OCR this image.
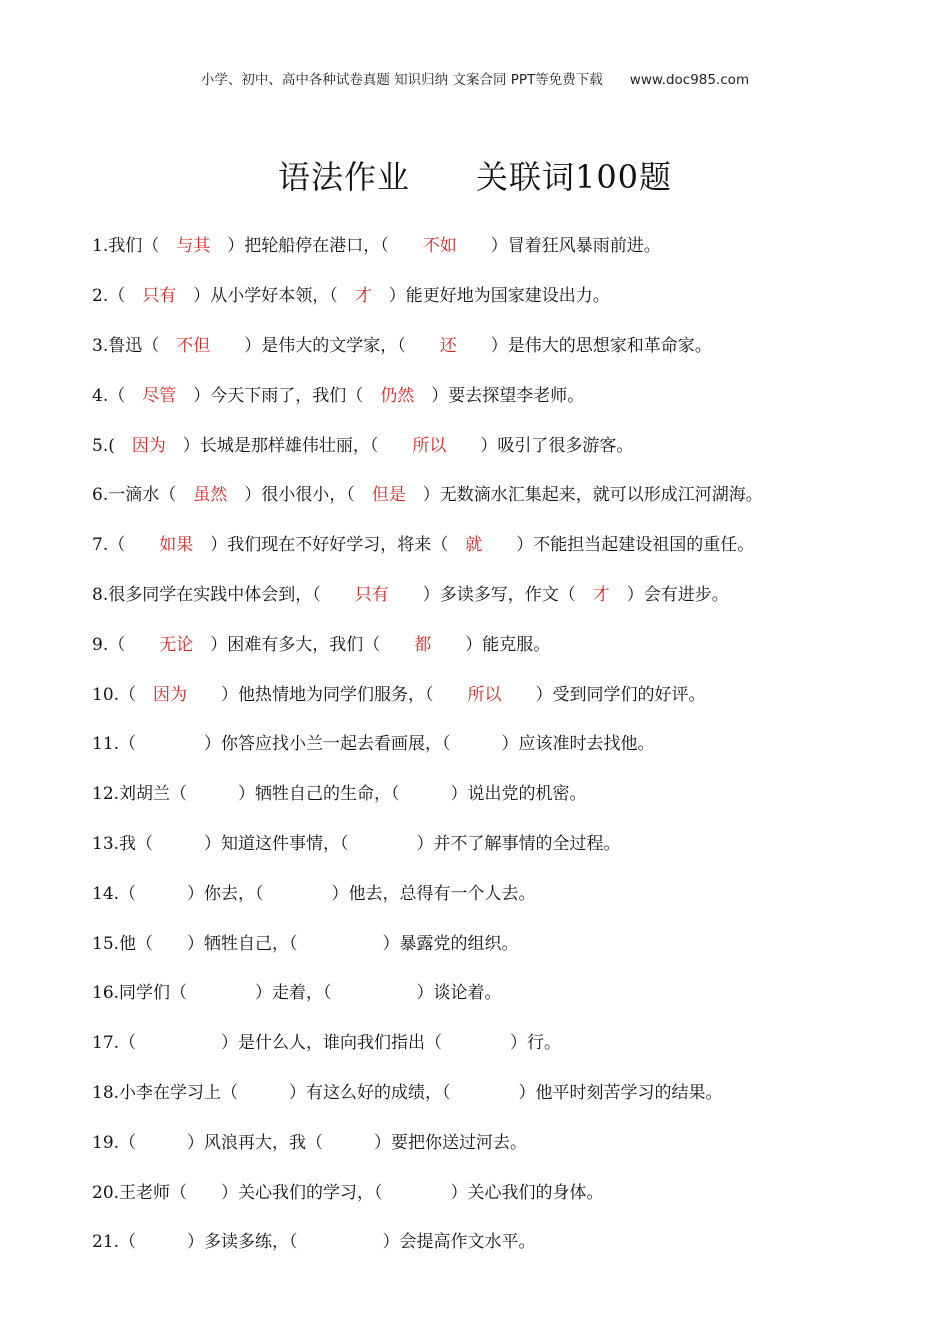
小学、初中、高中各种试卷真题 知识归纳 文案合同 PPT等免费下载　　www.doc985.com
语法作业　　关联词100题
1.我们（　 与其 　）把轮船停在港口，（　　 不如 　　）冒着狂风暴雨前进。
2.（　 只有 　）从小学好本领，（　 才 　）能更好地为国家建设出力。
3.鲁迅（　 不但 　　）是伟大的文学家，（　　 还 　　）是伟大的思想家和革命家。
4.（　 尽管 　）今天下雨了，我们（　 仍然 　）要去探望李老师。
5.(　 因为 　）长城是那样雄伟壮丽，（　　 所以 　　）吸引了很多游客。
6.一滴水（　 虽然 　）很小很小，（　 但是 　）无数滴水汇集起来，就可以形成江河湖海。
7.（　　 如果 　）我们现在不好好学习，将来（　 就 　　）不能担当起建设祖国的重任。
8.很多同学在实践中体会到，（　　 只有 　　）多读多写，作文（　 才 　）会有进步。
9.（　　 无论 　）困难有多大，我们（　　 都 　　）能克服。
10.（　 因为 　　）他热情地为同学们服务，（　　 所以 　　）受到同学们的好评。
11.（　　　　）你答应找小兰一起去看画展，（　　　）应该准时去找他。
12.刘胡兰（　　　）牺牲自己的生命，（　　　）说出党的机密。
13.我（　　　）知道这件事情，（　　　　）并不了解事情的全过程。
14.（　　　）你去，（　　　　）他去，总得有一个人去。
15.他（　　）牺牲自己，（　　　　　）暴露党的组织。
16.同学们（　　　　）走着，（　　　　　）谈论着。
17.（　　　　　）是什么人，谁向我们指出（　　　　）行。
18.小李在学习上（　　　）有这么好的成绩，（　　　　）他平时刻苦学习的结果。
19.（　　　）风浪再大，我（　　　）要把你送过河去。
20.王老师（　　）关心我们的学习，（　　　　）关心我们的身体。
21.（　　　）多读多练，（　　　　　）会提高作文水平。
